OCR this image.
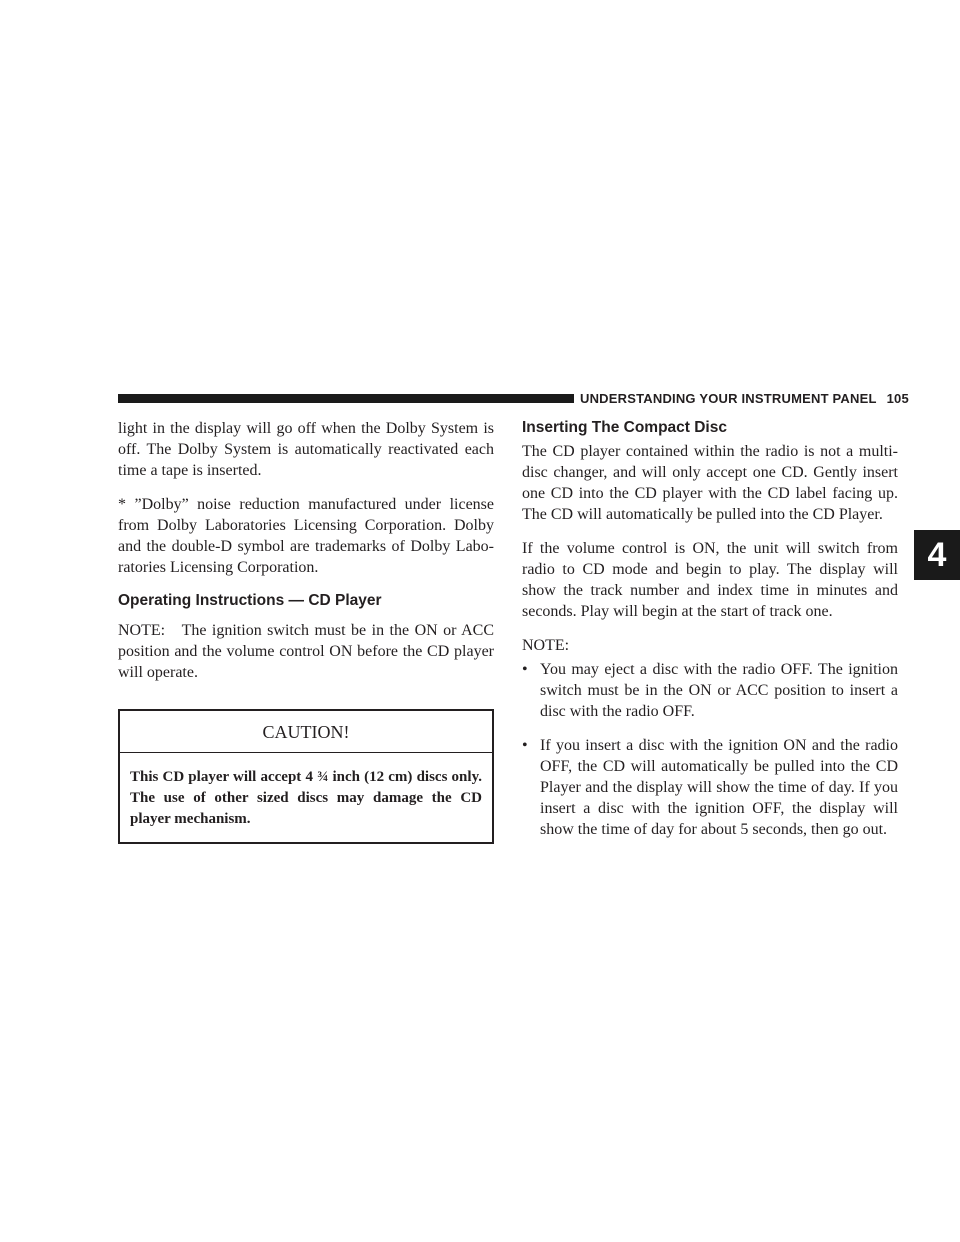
UNDERSTANDING YOUR INSTRUMENT PANEL 105
4

light in the display will go off when the Dolby System is off. The Dolby System is automatically reactivated each time a tape is inserted.

* ”Dolby” noise reduction manufactured under license from Dolby Laboratories Licensing Corporation. Dolby and the double-D symbol are trademarks of Dolby Labo-ratories Licensing Corporation.

Operating Instructions — CD Player

NOTE: The ignition switch must be in the ON or ACC position and the volume control ON before the CD player will operate.

CAUTION!
This CD player will accept 4 ¾ inch (12 cm) discs only. The use of other sized discs may damage the CD player mechanism.
Inserting The Compact Disc

The CD player contained within the radio is not a multi-disc changer, and will only accept one CD. Gently insert one CD into the CD player with the CD label facing up. The CD will automatically be pulled into the CD Player.

If the volume control is ON, the unit will switch from radio to CD mode and begin to play. The display will show the track number and index time in minutes and seconds. Play will begin at the start of track one.

NOTE:

• You may eject a disc with the radio OFF. The ignition switch must be in the ON or ACC position to insert a disc with the radio OFF.
• If you insert a disc with the ignition ON and the radio OFF, the CD will automatically be pulled into the CD Player and the display will show the time of day. If you insert a disc with the ignition OFF, the display will show the time of day for about 5 seconds, then go out.
